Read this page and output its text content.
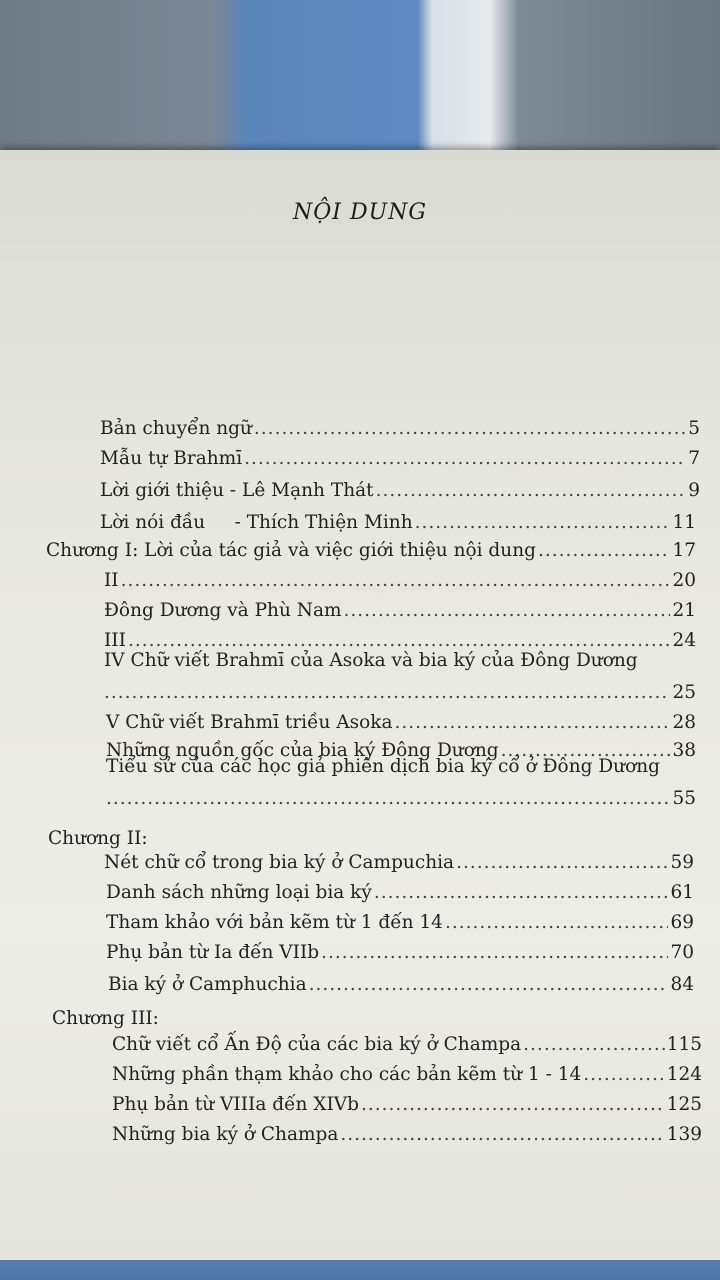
NỘI DUNG
Bản chuyển ngữ .....	5
Mẫu tự Brahmī .....	7
Lời giới thiệu - Lê Mạnh Thát .....	9
Lời nói đầu     - Thích Thiện Minh .....	11
Chương I: Lời của tác giả và việc giới thiệu nội dung .....	17
II .....	20
Đông Dương và Phù Nam .....	21
III .....	24
IV Chữ viết Brahmī của Asoka và bia ký của Đông Dương
.....
25
V Chữ viết Brahmī triều Asoka .....	28
Những nguồn gốc của bia ký Đông Dương .....	38
Tiểu sử của các học giả phiên dịch bia ký cổ ở Đông Dương
.....
55
Chương II:
Nét chữ cổ trong bia ký ở Campuchia .....	59
Danh sách những loại bia ký .....	61
Tham khảo với bản kẽm từ 1 đến 14 .....	69
Phụ bản từ Ia đến VIIb .....	70
Bia ký ở Camphuchia .....	84
Chương III:
Chữ viết cổ Ấn Độ của các bia ký ở Champa .....	115
Những phần thạm khảo cho các bản kẽm từ 1 - 14 .....	124
Phụ bản từ VIIIa đến XIVb .....	125
Những bia ký ở Champa .....	139
